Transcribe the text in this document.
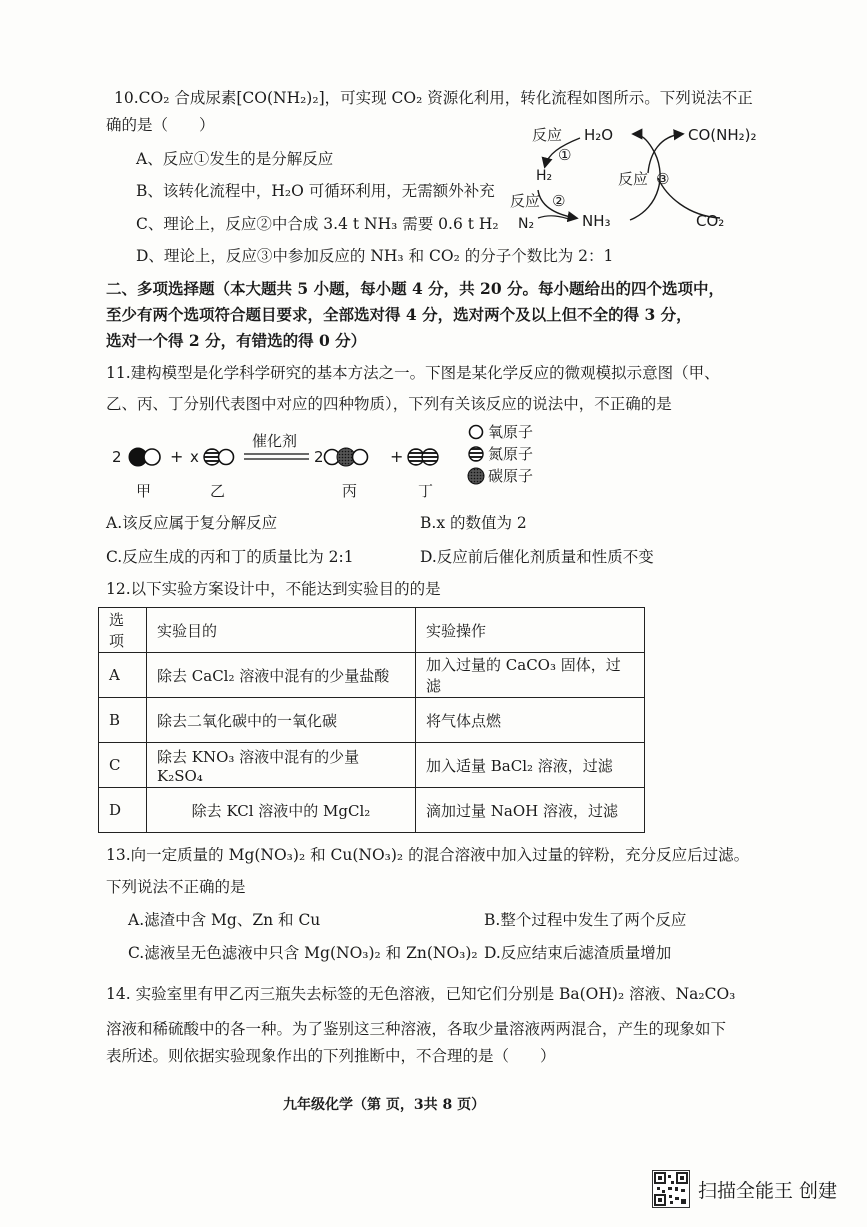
10.CO₂ 合成尿素[CO(NH₂)₂]，可实现 CO₂ 资源化利用，转化流程如图所示。下列说法不正
确的是（　　）
A、反应①发生的是分解反应
B、该转化流程中，H₂O 可循环利用，无需额外补充
C、理论上，反应②中合成 3.4 t NH₃ 需要 0.6 t H₂
D、理论上，反应③中参加反应的 NH₃ 和 CO₂ 的分子个数比为 2：1
反应 H₂O	CO(NH₂)₂
①
H₂	反应 ③
反应 ②
N₂	NH₃	CO₂
二、多项选择题（本大题共 5 小题，每小题 4 分，共 20 分。每小题给出的四个选项中，
至少有两个选项符合题目要求，全部选对得 4 分，选对两个及以上但不全的得 3 分，
选对一个得 2 分，有错选的得 0 分）
11.建构模型是化学科学研究的基本方法之一。下图是某化学反应的微观模拟示意图（甲、
乙、丙、丁分别代表图中对应的四种物质），下列有关该反应的说法中，不正确的是
2	+ x
催化剂
2	+
甲	乙	丙	丁
氧原子
氮原子
碳原子
A.该反应属于复分解反应	B.x 的数值为 2
C.反应生成的丙和丁的质量比为 2:1	D.反应前后催化剂质量和性质不变
12.以下实验方案设计中，不能达到实验目的的是
选项	实验目的	实验操作
A	除去 CaCl₂ 溶液中混有的少量盐酸	加入过量的 CaCO₃ 固体，过滤
B	除去二氧化碳中的一氧化碳	将气体点燃
C	除去 KNO₃ 溶液中混有的少量 K₂SO₄	加入适量 BaCl₂ 溶液，过滤
D	除去 KCl 溶液中的 MgCl₂	滴加过量 NaOH 溶液，过滤
13.向一定质量的 Mg(NO₃)₂ 和 Cu(NO₃)₂ 的混合溶液中加入过量的锌粉，充分反应后过滤。
下列说法不正确的是
A.滤渣中含 Mg、Zn 和 Cu	B.整个过程中发生了两个反应
C.滤液呈无色滤液中只含 Mg(NO₃)₂ 和 Zn(NO₃)₂ D.反应结束后滤渣质量增加
14. 实验室里有甲乙丙三瓶失去标签的无色溶液，已知它们分别是 Ba(OH)₂ 溶液、Na₂CO₃
溶液和稀硫酸中的各一种。为了鉴别这三种溶液，各取少量溶液两两混合，产生的现象如下
表所述。则依据实验现象作出的下列推断中，不合理的是（　　）
九年级化学（第 页，3共 8 页）
扫描全能王 创建
